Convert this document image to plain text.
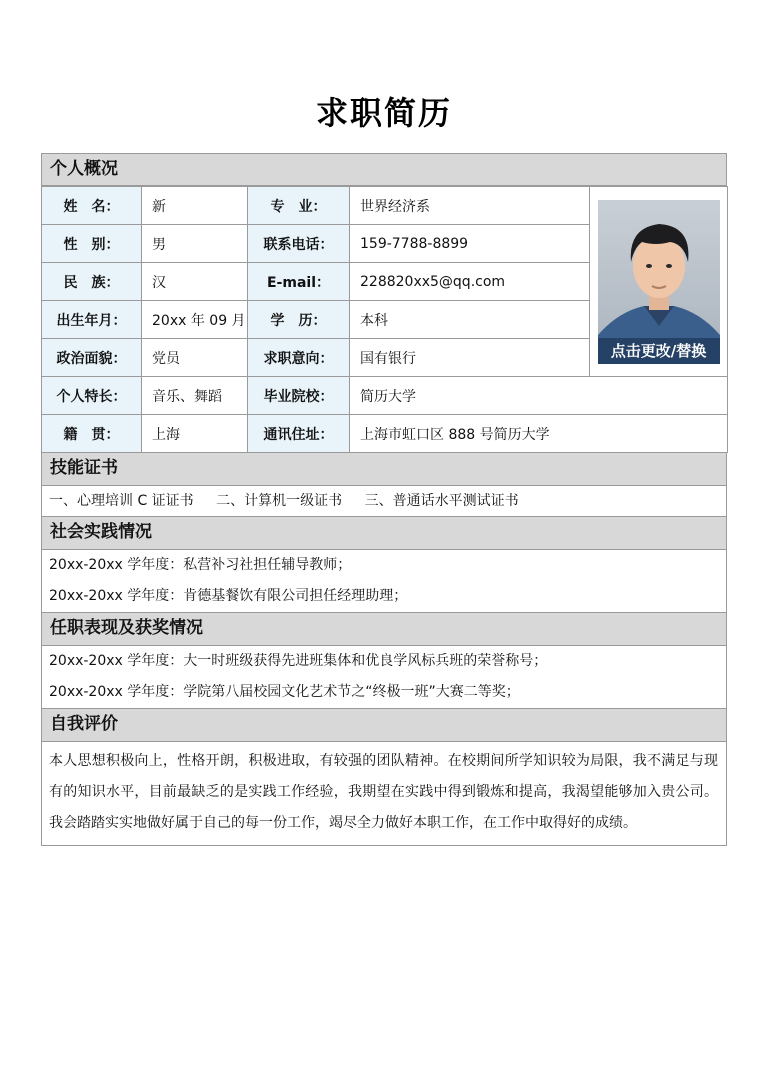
求职简历
个人概况
姓　名：	新	专　业：	世界经济系	点击更改/替换

性　别：	男	联系电话：	159-7788-8899	
民　族：	汉	E-mail：	228820xx5@qq.com	
出生年月：	20xx 年 09 月	学　历：	本科	
政治面貌：	党员	求职意向：	国有银行	
个人特长：	音乐、舞蹈	毕业院校：	简历大学	
籍　贯：	上海	通讯住址：	上海市虹口区 888 号简历大学	
技能证书
一、心理培训 C 证证书 二、计算机一级证书 三、普通话水平测试证书
社会实践情况
20xx-20xx 学年度：私营补习社担任辅导教师；
20xx-20xx 学年度：肯德基餐饮有限公司担任经理助理；
任职表现及获奖情况
20xx-20xx 学年度：大一时班级获得先进班集体和优良学风标兵班的荣誉称号；
20xx-20xx 学年度：学院第八届校园文化艺术节之“终极一班”大赛二等奖；
自我评价
本人思想积极向上，性格开朗，积极进取，有较强的团队精神。在校期间所学知识较为局限，我不满足与现有的知识水平，目前最缺乏的是实践工作经验，我期望在实践中得到锻炼和提高，我渴望能够加入贵公司。我会踏踏实实地做好属于自己的每一份工作，竭尽全力做好本职工作，在工作中取得好的成绩。
